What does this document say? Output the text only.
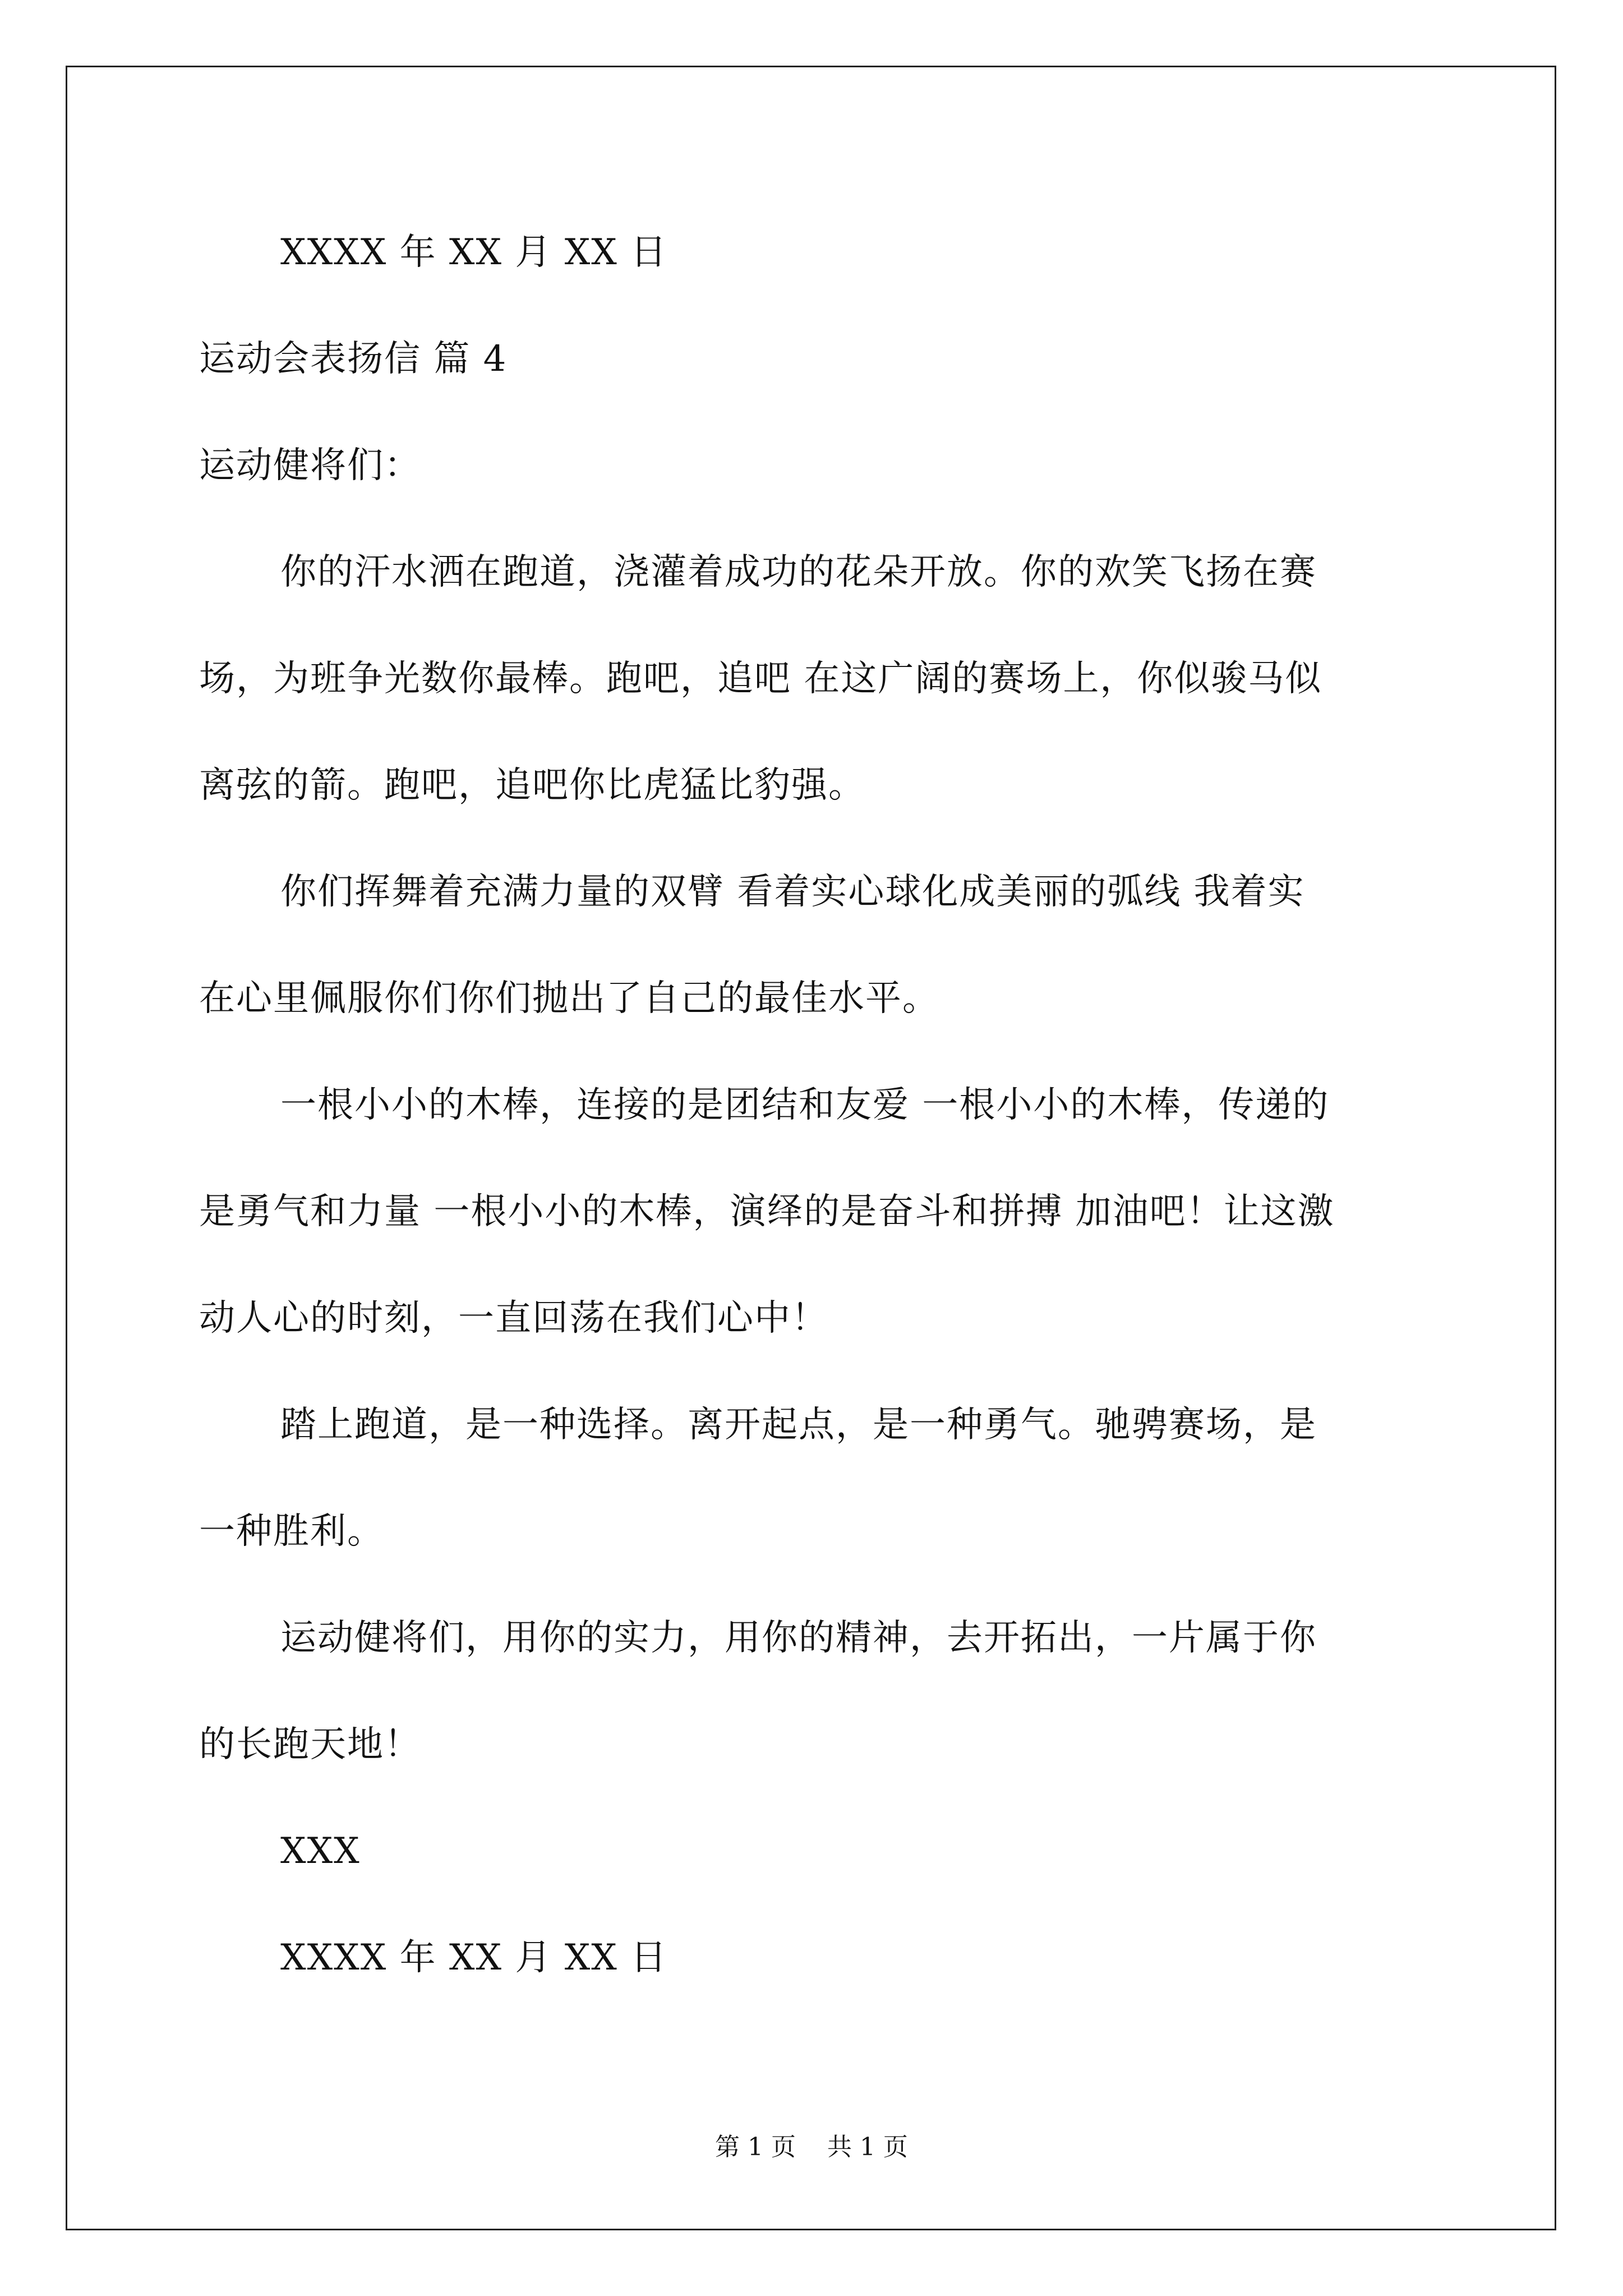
XXXX 年 XX 月 XX 日
运动会表扬信 篇 4
运动健将们：
你的汗水洒在跑道，浇灌着成功的花朵开放。你的欢笑飞扬在赛
场，为班争光数你最棒。跑吧，追吧 在这广阔的赛场上，你似骏马似
离弦的箭。跑吧，追吧你比虎猛比豹强。
你们挥舞着充满力量的双臂 看着实心球化成美丽的弧线 我着实
在心里佩服你们你们抛出了自己的最佳水平。
一根小小的木棒，连接的是团结和友爱 一根小小的木棒，传递的
是勇气和力量 一根小小的木棒，演绎的是奋斗和拼搏 加油吧！让这激
动人心的时刻，一直回荡在我们心中！
踏上跑道，是一种选择。离开起点，是一种勇气。驰骋赛场，是
一种胜利。
运动健将们，用你的实力，用你的精神，去开拓出，一片属于你
的长跑天地！
XXX
XXXX 年 XX 月 XX 日
第 1 页    共 1 页
